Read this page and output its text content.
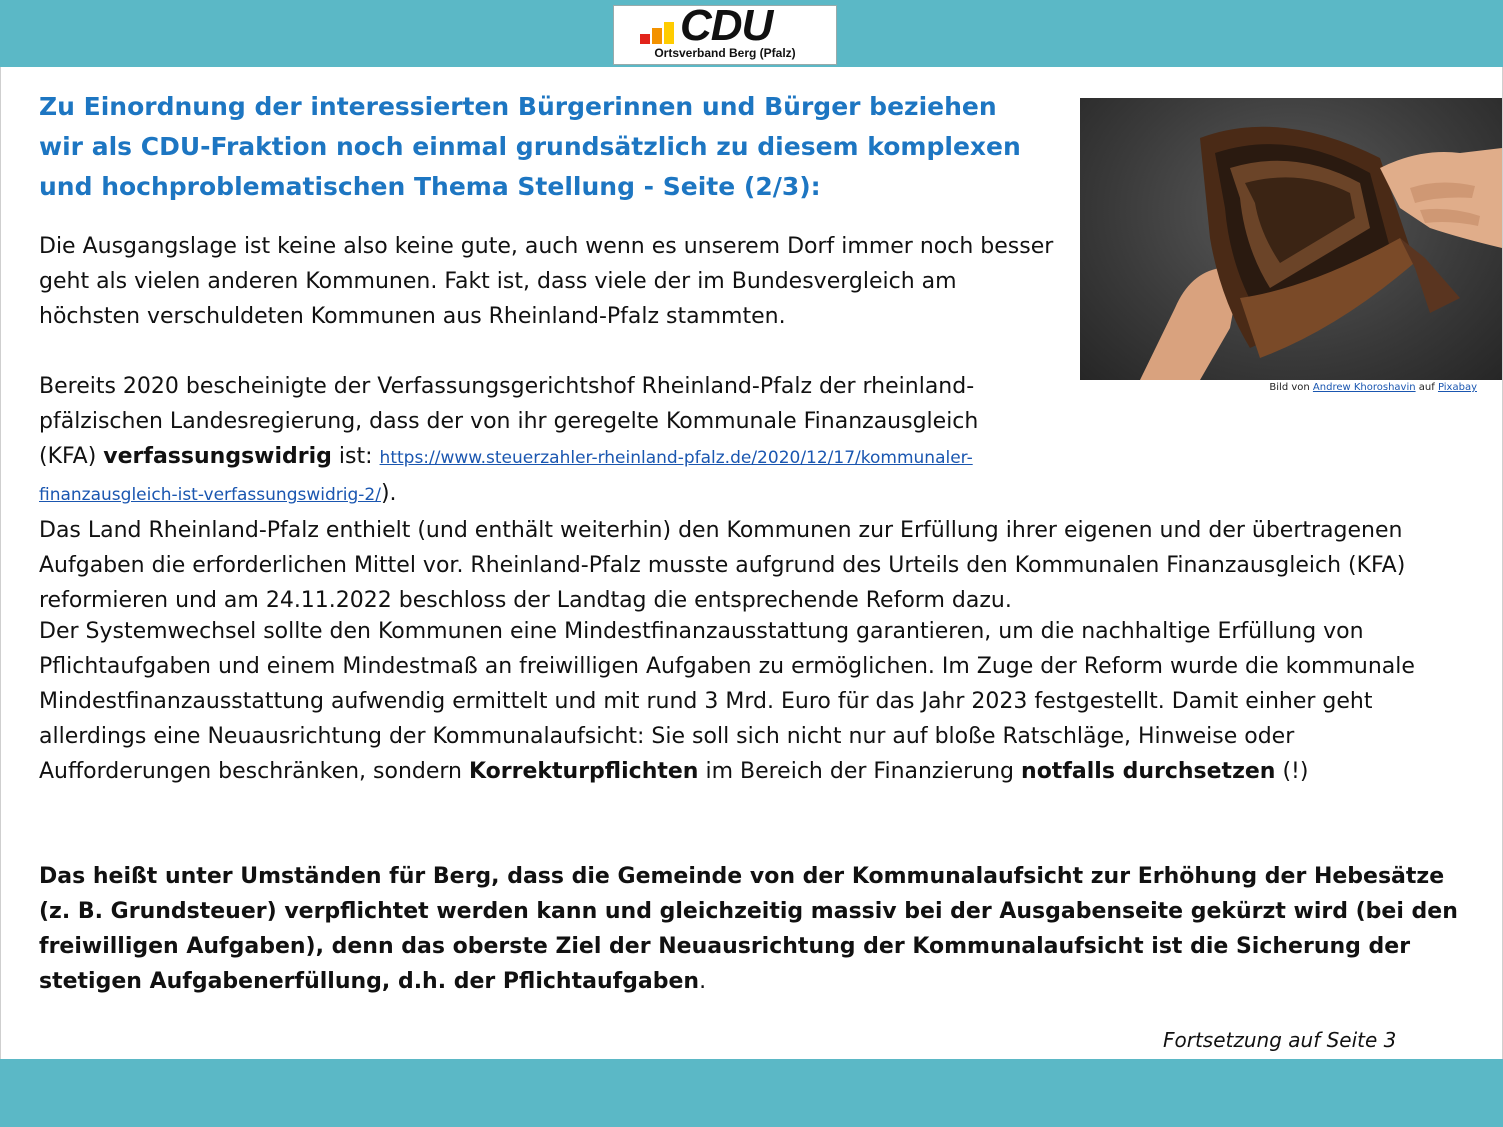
CDU
Ortsverband Berg (Pfalz)
Zu Einordnung der interessierten Bürgerinnen und Bürger beziehen wir als CDU-Fraktion noch einmal grundsätzlich zu diesem komplexen und hochproblematischen Thema Stellung - Seite (2/3):
Bild von Andrew Khoroshavin auf Pixabay

Die Ausgangslage ist keine also keine gute, auch wenn es unserem Dorf immer noch besser geht als vielen anderen Kommunen. Fakt ist, dass viele der im Bundesvergleich am höchsten verschuldeten Kommunen aus Rheinland-Pfalz stammten.

Bereits 2020 bescheinigte der Verfassungsgerichtshof Rheinland-Pfalz der rheinland-pfälzischen Landesregierung, dass der von ihr geregelte Kommunale Finanzausgleich (KFA) verfassungswidrig ist: https://www.steuerzahler-rheinland-pfalz.de/2020/12/17/kommunaler-finanzausgleich-ist-verfassungswidrig-2/).
Das Land Rheinland-Pfalz enthielt (und enthält weiterhin) den Kommunen zur Erfüllung ihrer eigenen und der übertragenen Aufgaben die erforderlichen Mittel vor. Rheinland-Pfalz musste aufgrund des Urteils den Kommunalen Finanzausgleich (KFA) reformieren und am 24.11.2022 beschloss der Landtag die entsprechende Reform dazu.

Der Systemwechsel sollte den Kommunen eine Mindestfinanzausstattung garantieren, um die nachhaltige Erfüllung von Pflichtaufgaben und einem Mindestmaß an freiwilligen Aufgaben zu ermöglichen. Im Zuge der Reform wurde die kommunale Mindestfinanzausstattung aufwendig ermittelt und mit rund 3 Mrd. Euro für das Jahr 2023 festgestellt. Damit einher geht allerdings eine Neuausrichtung der Kommunalaufsicht: Sie soll sich nicht nur auf bloße Ratschläge, Hinweise oder Aufforderungen beschränken, sondern Korrekturpflichten im Bereich der Finanzierung notfalls durchsetzen (!)

Das heißt unter Umständen für Berg, dass die Gemeinde von der Kommunalaufsicht zur Erhöhung der Hebesätze (z. B. Grundsteuer) verpflichtet werden kann und gleichzeitig massiv bei der Ausgabenseite gekürzt wird (bei den freiwilligen Aufgaben), denn das oberste Ziel der Neuausrichtung der Kommunalaufsicht ist die Sicherung der stetigen Aufgabenerfüllung, d.h. der Pflichtaufgaben.

Fortsetzung auf Seite 3
